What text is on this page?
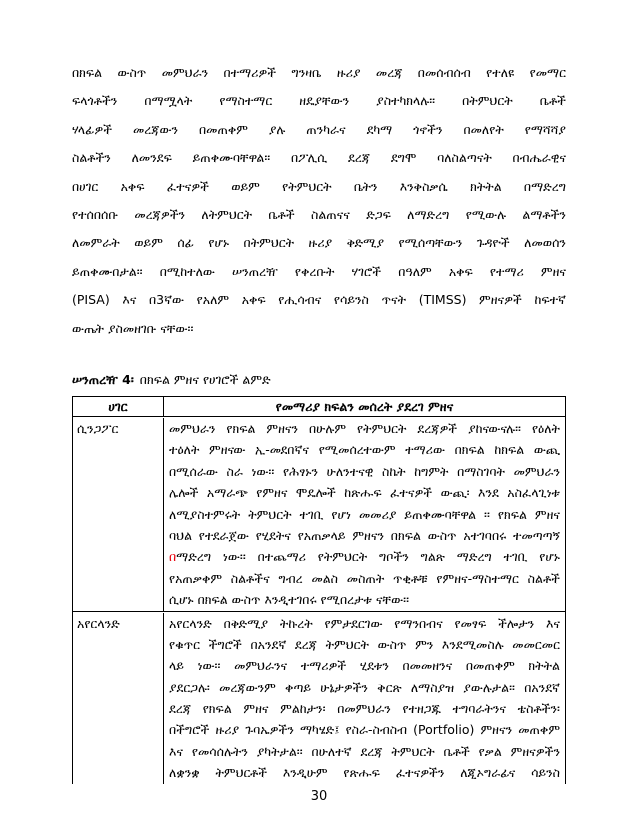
በክፍል ውስጥ መምህራን በተማሪዎች ግንዛቤ ዙሪያ መረጃ በመሰብሰብ የተለዩ የመማር
ፍላጎቶችን በማሟላት የማስተማር ዘዴያቸውን ያስተካክላሉ፡፡ በትምህርት ቤቶች
ሃላፊዎች መረጃውን በመጠቀም ያሉ ጠንካራና ደካማ ጎኖችን በመለየት የማሻሻያ
ስልቶችን ለመንደፍ ይጠቀሙባቸዋል፡፡ በፖሊሲ ደረጃ ደግሞ ባለስልጣናት በብሔራዊና
በሀገር አቀፍ ፈተናዎች ወይም የትምህርት ቤትን እንቅስቃሴ ክትትል በማድረግ
የተሰበሰቡ መረጃዎችን ለትምህርት ቤቶች ስልጠናና ድጋፍ ለማድረግ የሚውሉ ልማቶችን
ለመምራት ወይም ሰፊ የሆኑ በትምህርት ዙሪያ ቅድሚያ የሚሰጣቸውን ጉዳዮች ለመወሰን
ይጠቀሙበታል፡፡ በሚከተለው ሠንጠረዥ የቀረቡት ሃገሮች በዓለም አቀፍ የተማሪ ምዘና
(PISA) እና በ3ኛው የአለም አቀፍ የሒሳብና የሳይንስ ጥናት (TIMSS) ምዘናዎች ከፍተኛ
ውጤት ያስመዘገቡ ናቸው፡፡
ሠንጠረዥ 4፡ በክፍል ምዘና የሀገሮች ልምድ
ሀገር	የመማሪያ ክፍልን መሰረት ያደረገ ምዘና
ሲንጋፖር	መምህራን የክፍል ምዘናን በሁሉም የትምህርት ደረጃዎች ያከናውናሉ፡፡ የዕለት
ተዕለት ምዘናው ኢ-መደበኛና የሚመሰረተውም ተማሪው በክፍል ከክፍል ውጪ
በሚሰራው ስራ ነው፡፡ የሕፃኑን ሁለንተናዊ ስኬት ከግምት በማስገባት መምህራን
ሌሎች አማራጭ የምዘና ሞዴሎች ከጽሑፍ ፈተናዎች ውጪ፡ እንደ አስፈላጊነቱ
ለሚያስተምሩት ትምህርት ተገቢ የሆነ መመሪያ ይጠቀሙባቸዋል ፡፡ የክፍል ምዘና
ባህል የተደራጀው የሂደትና የአጠቃላይ ምዘናን በክፍል ውስጥ አተገባበሩ ተመጣጣኝ
በማድረግ ነው፡፡ በተጨማሪ የትምህርት ግቦችን ግልጽ ማድረግ ተገቢ የሆኑ
የአጠቃቀም ስልቶችና ግብረ መልስ መስጠት ጥቂቶቹ የምዘና-ማስተማር ስልቶች
ሲሆኑ በክፍል ውስጥ እንዲተገበሩ የሚበረታቱ ናቸው፡፡
አየርላንድ	አየርላንድ በቅድሚያ ትኩረት የምታደርገው የማንበብና የመፃፍ ችሎታን እና
የቁጥር ችግሮች በአንደኛ ደረጃ ትምህርት ውስጥ ምን እንደሚመስሉ መመርመር
ላይ ነው፡፡ መምህራንና ተማሪዎች ሂደቱን በመመዘንና በመጠቀም ክትትል
ያደርጋሉ፡ መረጃውንም ቀጣይ ሁኔታዎችን ቅርጽ ለማስያዝ ያውሉታል፡፡ በአንደኛ
ደረጃ የክፍል ምዘና ምልከታን፡ በመምህራን የተዘጋጁ ተግባራትንና ቴስቶችን፡
በችግሮች ዙሪያ ጉባኤዎችን ማካሄድ፤ የስራ-ስብስብ (Portfolio) ምዘናን መጠቀም
እና የመሳሰሉትን ያካትታል፡፡ በሁለተኛ ደረጃ ትምህርት ቤቶች የቃል ምዘናዎችን
ለቋንቋ ትምህርቶች እንዲሁም የጽሑፍ ፈተናዎችን ለጂኦግራፊና ሳይንስ
30
